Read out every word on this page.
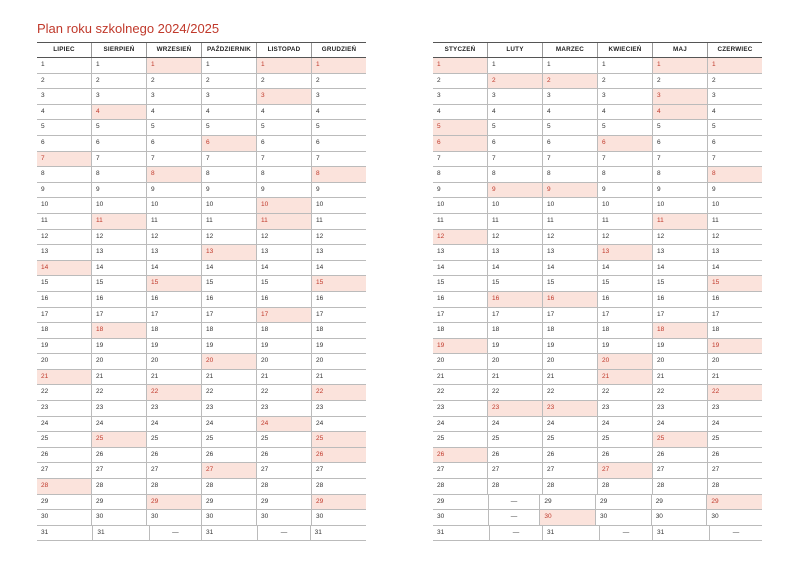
Plan roku szkolnego 2024/2025
LIPIEC	SIERPIEŃ	WRZESIEŃ	PAŹDZIERNIK	LISTOPAD	GRUDZIEŃ
1	1	1	1	1	1
2	2	2	2	2	2
3	3	3	3	3	3
4	4	4	4	4	4
5	5	5	5	5	5
6	6	6	6	6	6
7	7	7	7	7	7
8	8	8	8	8	8
9	9	9	9	9	9
10	10	10	10	10	10
11	11	11	11	11	11
12	12	12	12	12	12
13	13	13	13	13	13
14	14	14	14	14	14
15	15	15	15	15	15
16	16	16	16	16	16
17	17	17	17	17	17
18	18	18	18	18	18
19	19	19	19	19	19
20	20	20	20	20	20
21	21	21	21	21	21
22	22	22	22	22	22
23	23	23	23	23	23
24	24	24	24	24	24
25	25	25	25	25	25
26	26	26	26	26	26
27	27	27	27	27	27
28	28	28	28	28	28
29	29	29	29	29	29
30	30	30	30	30	30
31	31	—	31	—	31
STYCZEŃ	LUTY	MARZEC	KWIECIEŃ	MAJ	CZERWIEC
1	1	1	1	1	1
2	2	2	2	2	2
3	3	3	3	3	3
4	4	4	4	4	4
5	5	5	5	5	5
6	6	6	6	6	6
7	7	7	7	7	7
8	8	8	8	8	8
9	9	9	9	9	9
10	10	10	10	10	10
11	11	11	11	11	11
12	12	12	12	12	12
13	13	13	13	13	13
14	14	14	14	14	14
15	15	15	15	15	15
16	16	16	16	16	16
17	17	17	17	17	17
18	18	18	18	18	18
19	19	19	19	19	19
20	20	20	20	20	20
21	21	21	21	21	21
22	22	22	22	22	22
23	23	23	23	23	23
24	24	24	24	24	24
25	25	25	25	25	25
26	26	26	26	26	26
27	27	27	27	27	27
28	28	28	28	28	28
29	—	29	29	29	29
30	—	30	30	30	30
31	—	31	—	31	—
